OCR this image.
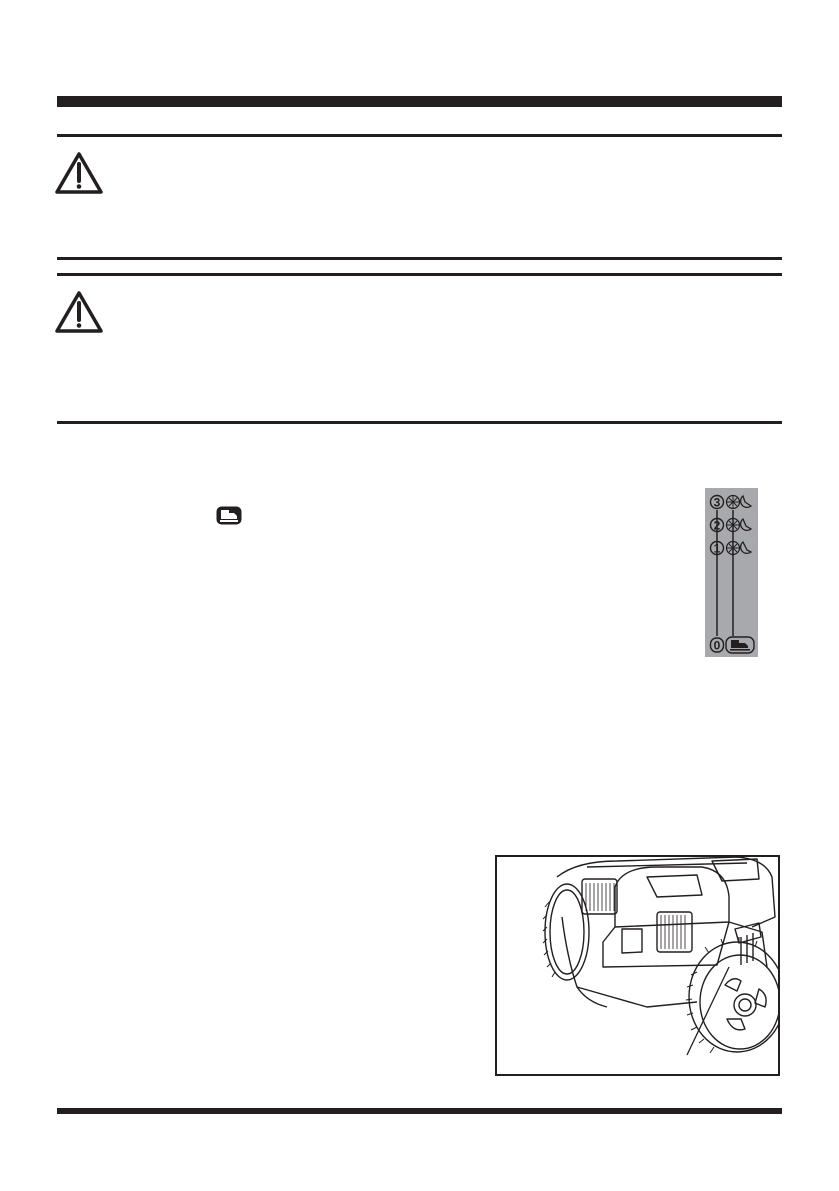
3
2
1
0
